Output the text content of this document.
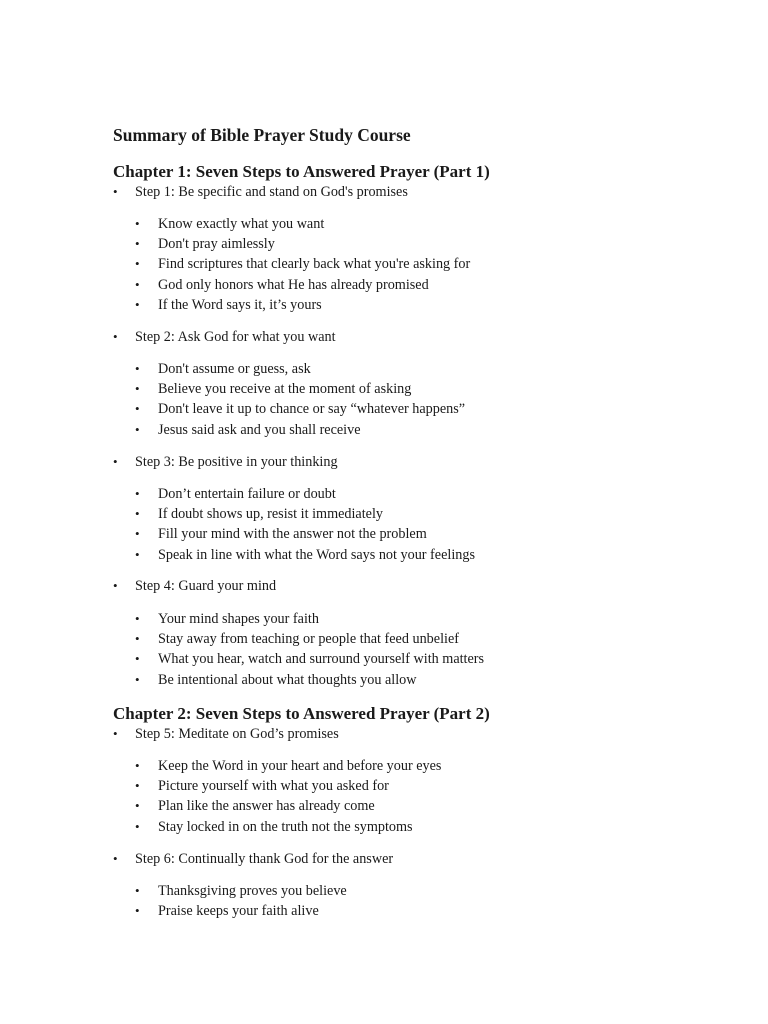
Summary of Bible Prayer Study Course
Chapter 1: Seven Steps to Answered Prayer (Part 1)
• Step 1: Be specific and stand on God's promises
• Know exactly what you want
• Don't pray aimlessly
• Find scriptures that clearly back what you're asking for
• God only honors what He has already promised
• If the Word says it, it’s yours
• Step 2: Ask God for what you want
• Don't assume or guess, ask
• Believe you receive at the moment of asking
• Don't leave it up to chance or say “whatever happens”
• Jesus said ask and you shall receive
• Step 3: Be positive in your thinking
• Don’t entertain failure or doubt
• If doubt shows up, resist it immediately
• Fill your mind with the answer not the problem
• Speak in line with what the Word says not your feelings
• Step 4: Guard your mind
• Your mind shapes your faith
• Stay away from teaching or people that feed unbelief
• What you hear, watch and surround yourself with matters
• Be intentional about what thoughts you allow
Chapter 2: Seven Steps to Answered Prayer (Part 2)
• Step 5: Meditate on God’s promises
• Keep the Word in your heart and before your eyes
• Picture yourself with what you asked for
• Plan like the answer has already come
• Stay locked in on the truth not the symptoms
• Step 6: Continually thank God for the answer
• Thanksgiving proves you believe
• Praise keeps your faith alive
